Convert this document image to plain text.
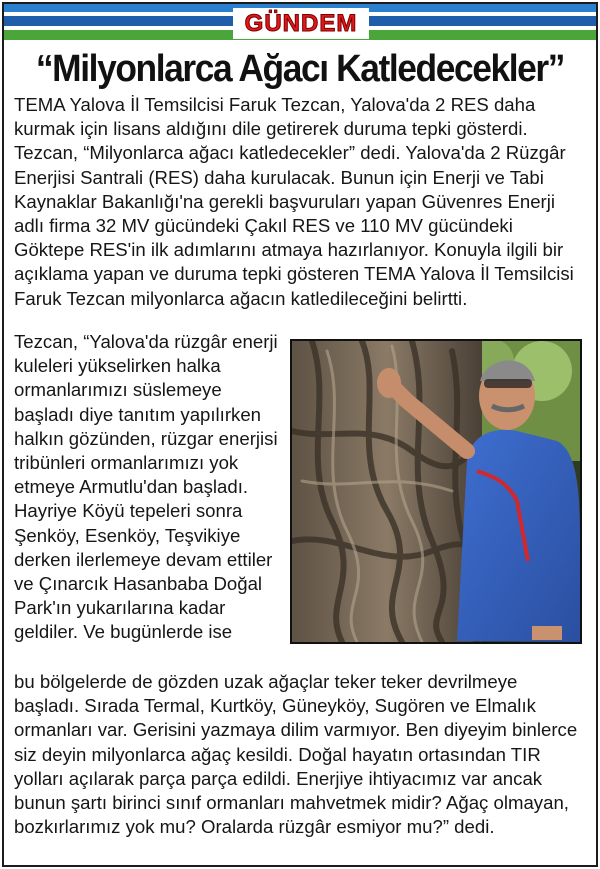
GÜNDEM
“Milyonlarca Ağacı Katledecekler”
TEMA Yalova İl Temsilcisi Faruk Tezcan, Yalova'da 2 RES daha kurmak için lisans aldığını dile getirerek duruma tepki gösterdi. Tezcan, “Milyonlarca ağacı katledecekler” dedi. Yalova'da 2 Rüzgâr Enerjisi Santrali (RES) daha kurulacak. Bunun için Enerji ve Tabi Kaynaklar Bakanlığı'na gerekli başvuruları yapan Güvenres Enerji adlı firma 32 MV gücündeki Çakıl RES ve 110 MV gücündeki Göktepe RES'in ilk adımlarını atmaya hazırlanıyor. Konuyla ilgili bir açıklama yapan ve duruma tepki gösteren TEMA Yalova İl Temsilcisi Faruk Tezcan milyonlarca ağacın katledileceğini belirtti.
Tezcan, “Yalova'da rüzgâr enerji kuleleri yükselirken halka ormanlarımızı süslemeye başladı diye tanıtım yapılırken halkın gözünden, rüzgar enerjisi tribünleri ormanlarımızı yok etmeye Armutlu'dan başladı. Hayriye Köyü tepeleri sonra Şenköy, Esenköy, Teşvikiye derken ilerlemeye devam ettiler ve Çınarcık Hasanbaba Doğal Park'ın yukarılarına kadar geldiler. Ve bugünlerde ise
bu bölgelerde de gözden uzak ağaçlar teker teker devrilmeye başladı. Sırada Termal, Kurtköy, Güneyköy, Sugören ve Elmalık ormanları var. Gerisini yazmaya dilim varmıyor. Ben diyeyim binlerce siz deyin milyonlarca ağaç kesildi. Doğal hayatın ortasından TIR yolları açılarak parça parça edildi. Enerjiye ihtiyacımız var ancak bunun şartı birinci sınıf ormanları mahvetmek midir? Ağaç olmayan, bozkırlarımız yok mu? Oralarda rüzgâr esmiyor mu?” dedi.
